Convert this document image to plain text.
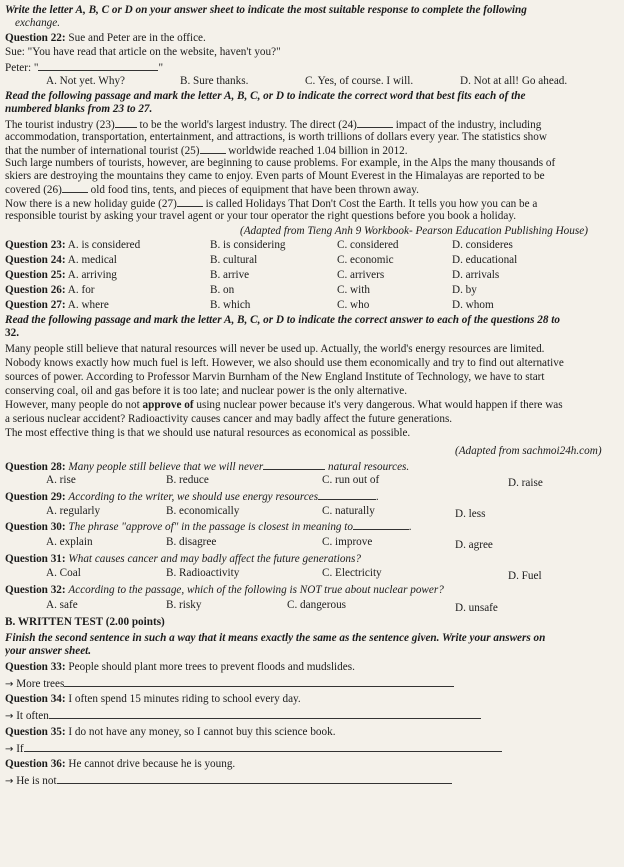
Write the letter A, B, C or D on your answer sheet to indicate the most suitable response to complete the following
exchange.
Question 22: Sue and Peter are in the office.
Sue: "You have read that article on the website, haven't you?"
Peter: "	"
A. Not yet. Why?	B. Sure thanks.	C. Yes, of course. I will.	D. Not at all! Go ahead.
Read the following passage and mark the letter A, B, C, or D to indicate the correct word that best fits each of the
numbered blanks from 23 to 27.
The tourist industry (23) to be the world's largest industry. The direct (24)	impact of the industry, including
accommodation, transportation, entertainment, and attractions, is worth trillions of dollars every year. The statistics show
that the number of international tourist (25)	worldwide reached 1.04 billion in 2012.
Such large numbers of tourists, however, are beginning to cause problems. For example, in the Alps the many thousands of
skiers are destroying the mountains they came to enjoy. Even parts of Mount Everest in the Himalayas are reported to be
covered (26)	old food tins, tents, and pieces of equipment that have been thrown away.
Now there is a new holiday guide (27)	is called Holidays That Don't Cost the Earth. It tells you how you can be a
responsible tourist by asking your travel agent or your tour operator the right questions before you book a holiday.
(Adapted from Tieng Anh 9 Workbook- Pearson Education Publishing House)
Question 23: A. is considered	B. is considering	C. considered	D. consideres
Question 24: A. medical	B. cultural	C. economic	D. educational
Question 25: A. arriving	B. arrive	C. arrivers	D. arrivals
Question 26: A. for	B. on	C. with	D. by
Question 27: A. where	B. which	C. who	D. whom
Read the following passage and mark the letter A, B, C, or D to indicate the correct answer to each of the questions 28 to
32.
Many people still believe that natural resources will never be used up. Actually, the world's energy resources are limited.
Nobody knows exactly how much fuel is left. However, we also should use them economically and try to find out alternative
sources of power. According to Professor Marvin Burnham of the New England Institute of Technology, we have to start
conserving coal, oil and gas before it is too late; and nuclear power is the only alternative.
However, many people do not approve of using nuclear power because it's very dangerous. What would happen if there was
a serious nuclear accident? Radioactivity causes cancer and may badly affect the future generations.
The most effective thing is that we should use natural resources as economical as possible.
(Adapted from sachmoi24h.com)
Question 28: Many people still believe that we will never	natural resources.
A. rise	B. reduce	C. run out of	D. raise
Question 29: According to the writer, we should use energy resources	.
A. regularly	B. economically	C. naturally	D. less
Question 30: The phrase "approve of" in the passage is closest in meaning to	.
A. explain	B. disagree	C. improve	D. agree
Question 31: What causes cancer and may badly affect the future generations?
A. Coal	B. Radioactivity	C. Electricity	D. Fuel
Question 32: According to the passage, which of the following is NOT true about nuclear power?
A. safe	B. risky	C. dangerous	D. unsafe
B. WRITTEN TEST (2.00 points)
Finish the second sentence in such a way that it means exactly the same as the sentence given. Write your answers on
your answer sheet.
Question 33: People should plant more trees to prevent floods and mudslides.
→ More trees
Question 34: I often spend 15 minutes riding to school every day.
→ It often
Question 35: I do not have any money, so I cannot buy this science book.
→ If
Question 36: He cannot drive because he is young.
→ He is not
